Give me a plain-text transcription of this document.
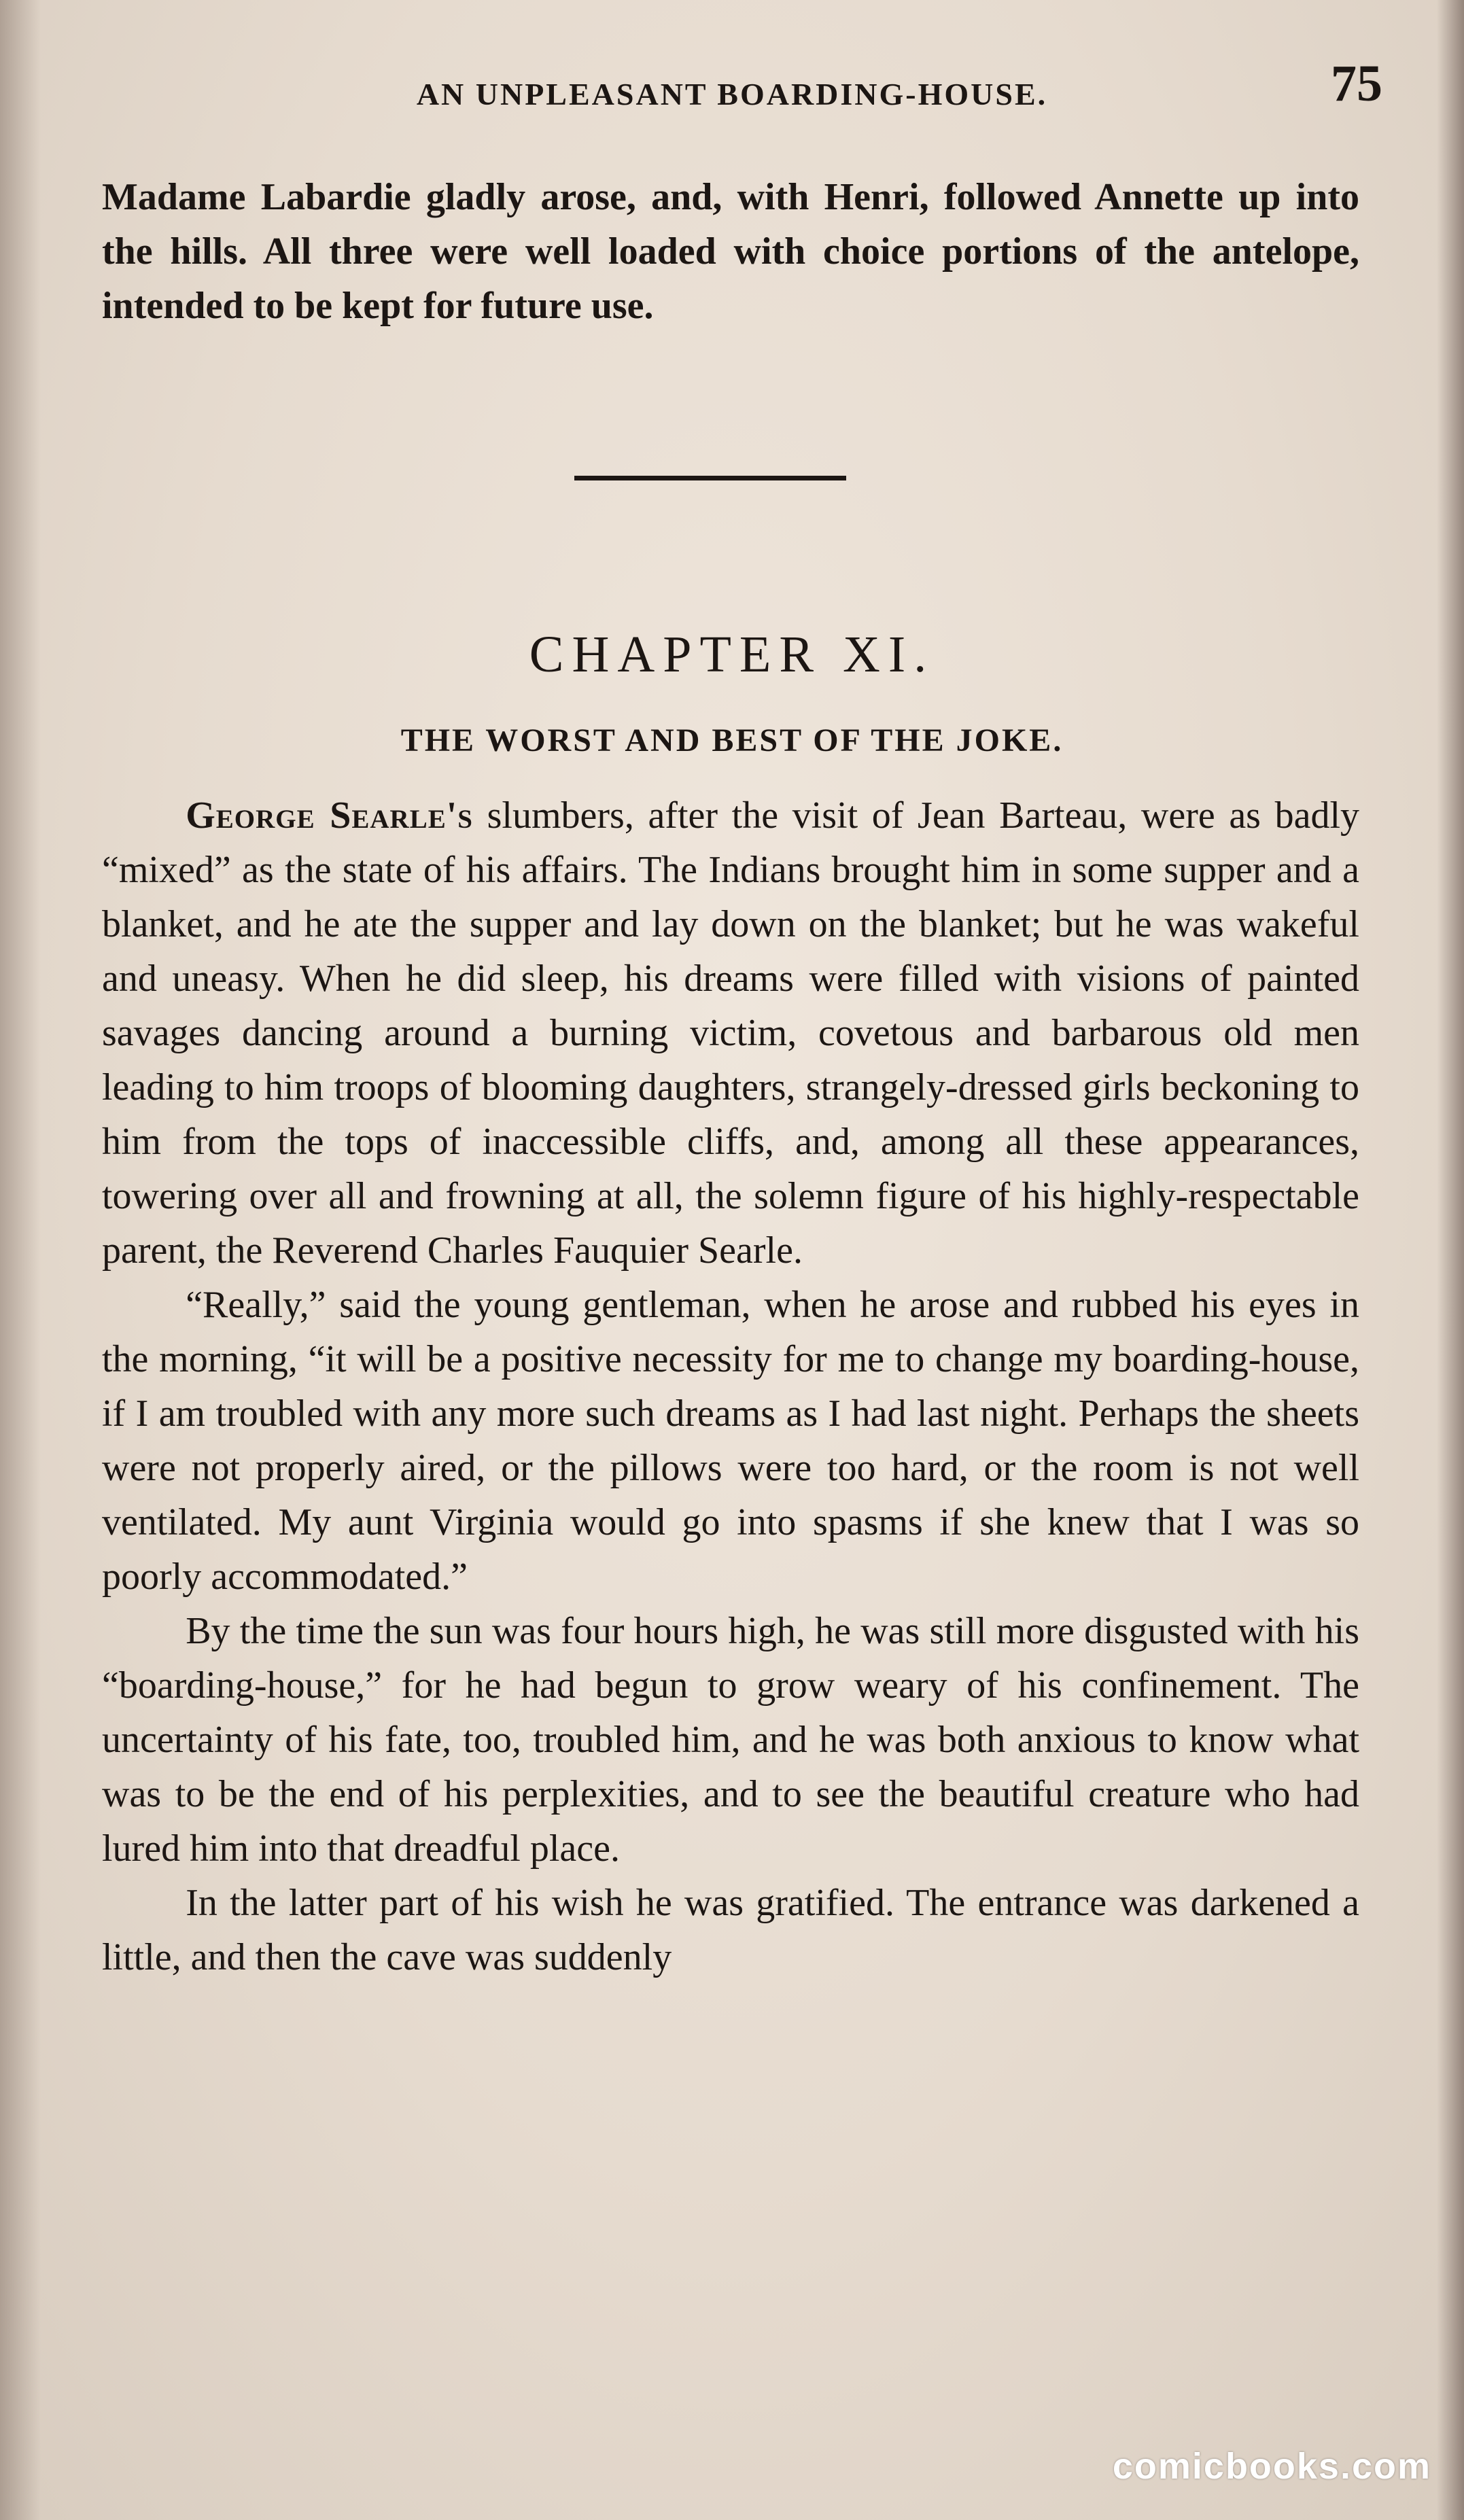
AN UNPLEASANT BOARDING-HOUSE.	75

Madame Labardie gladly arose, and, with Henri, followed Annette up into the hills. All three were well loaded with choice portions of the antelope, intended to be kept for future use.

CHAPTER XI.
THE WORST AND BEST OF THE JOKE.

George Searle's slumbers, after the visit of Jean Barteau, were as badly “mixed” as the state of his affairs. The Indians brought him in some supper and a blanket, and he ate the supper and lay down on the blanket; but he was wakeful and uneasy. When he did sleep, his dreams were filled with visions of painted savages dancing around a burning victim, covetous and barbarous old men leading to him troops of blooming daughters, strangely-dressed girls beckoning to him from the tops of inaccessible cliffs, and, among all these appearances, towering over all and frowning at all, the solemn figure of his highly-respectable parent, the Reverend Charles Fauquier Searle.

“Really,” said the young gentleman, when he arose and rubbed his eyes in the morning, “it will be a positive necessity for me to change my boarding-house, if I am troubled with any more such dreams as I had last night. Perhaps the sheets were not properly aired, or the pillows were too hard, or the room is not well ventilated. My aunt Virginia would go into spasms if she knew that I was so poorly accommodated.”

By the time the sun was four hours high, he was still more disgusted with his “boarding-house,” for he had begun to grow weary of his confinement. The uncertainty of his fate, too, troubled him, and he was both anxious to know what was to be the end of his perplexities, and to see the beautiful creature who had lured him into that dreadful place.

In the latter part of his wish he was gratified. The entrance was darkened a little, and then the cave was suddenly

comicbooks.com
